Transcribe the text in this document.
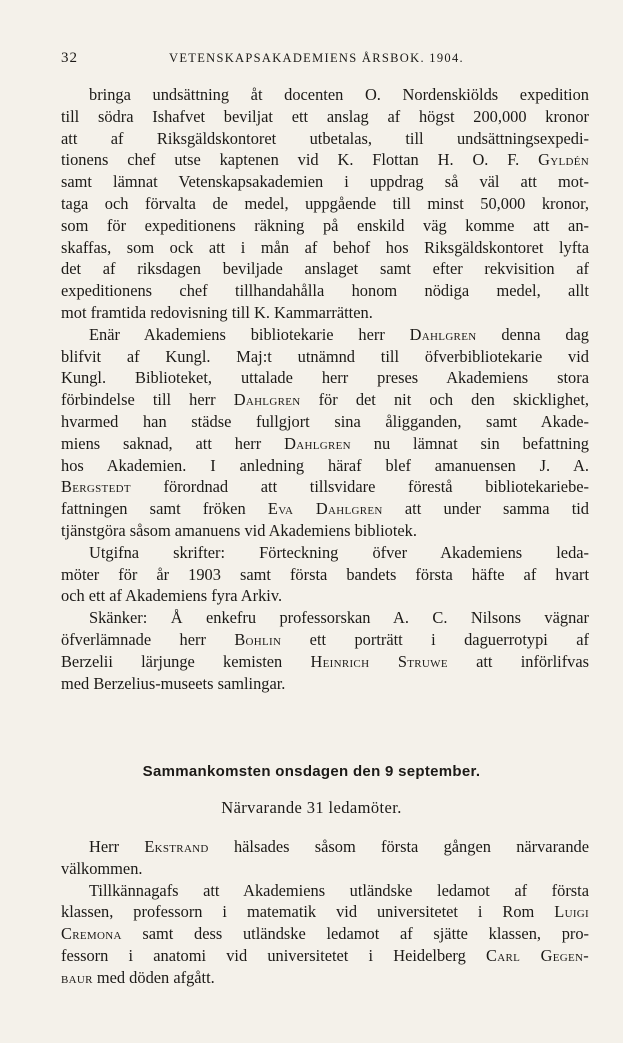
32	VETENSKAPSAKADEMIENS ÅRSBOK. 1904.
bringa undsättning åt docenten O. Nordenskiölds expedition
till södra Ishafvet beviljat ett anslag af högst 200,000 kronor
att af Riksgäldskontoret utbetalas, till undsättningsexpedi-
tionens chef utse kaptenen vid K. Flottan H. O. F. Gyldén
samt lämnat Vetenskapsakademien i uppdrag så väl att mot-
taga och förvalta de medel, uppgående till minst 50,000 kronor,
som för expeditionens räkning på enskild väg komme att an-
skaffas, som ock att i mån af behof hos Riksgäldskontoret lyfta
det af riksdagen beviljade anslaget samt efter rekvisition af
expeditionens chef tillhandahålla honom nödiga medel, allt
mot framtida redovisning till K. Kammarrätten.
Enär Akademiens bibliotekarie herr Dahlgren denna dag
blifvit af Kungl. Maj:t utnämnd till öfverbibliotekarie vid
Kungl. Biblioteket, uttalade herr preses Akademiens stora
förbindelse till herr Dahlgren för det nit och den skicklighet,
hvarmed han städse fullgjort sina åligganden, samt Akade-
miens saknad, att herr Dahlgren nu lämnat sin befattning
hos Akademien. I anledning häraf blef amanuensen J. A.
Bergstedt förordnad att tillsvidare förestå bibliotekariebe-
fattningen samt fröken Eva Dahlgren att under samma tid
tjänstgöra såsom amanuens vid Akademiens bibliotek.
Utgifna skrifter: Förteckning öfver Akademiens leda-
möter för år 1903 samt första bandets första häfte af hvart
och ett af Akademiens fyra Arkiv.
Skänker: Å enkefru professorskan A. C. Nilsons vägnar
öfverlämnade herr Bohlin ett porträtt i daguerrotypi af
Berzelii lärjunge kemisten Heinrich Struwe att införlifvas
med Berzelius-museets samlingar.
Sammankomsten onsdagen den 9 september.
Närvarande 31 ledamöter.
Herr Ekstrand hälsades såsom första gången närvarande
välkommen.
Tillkännagafs att Akademiens utländske ledamot af första
klassen, professorn i matematik vid universitetet i Rom Luigi
Cremona samt dess utländske ledamot af sjätte klassen, pro-
fessorn i anatomi vid universitetet i Heidelberg Carl Gegen-
baur med döden afgått.
